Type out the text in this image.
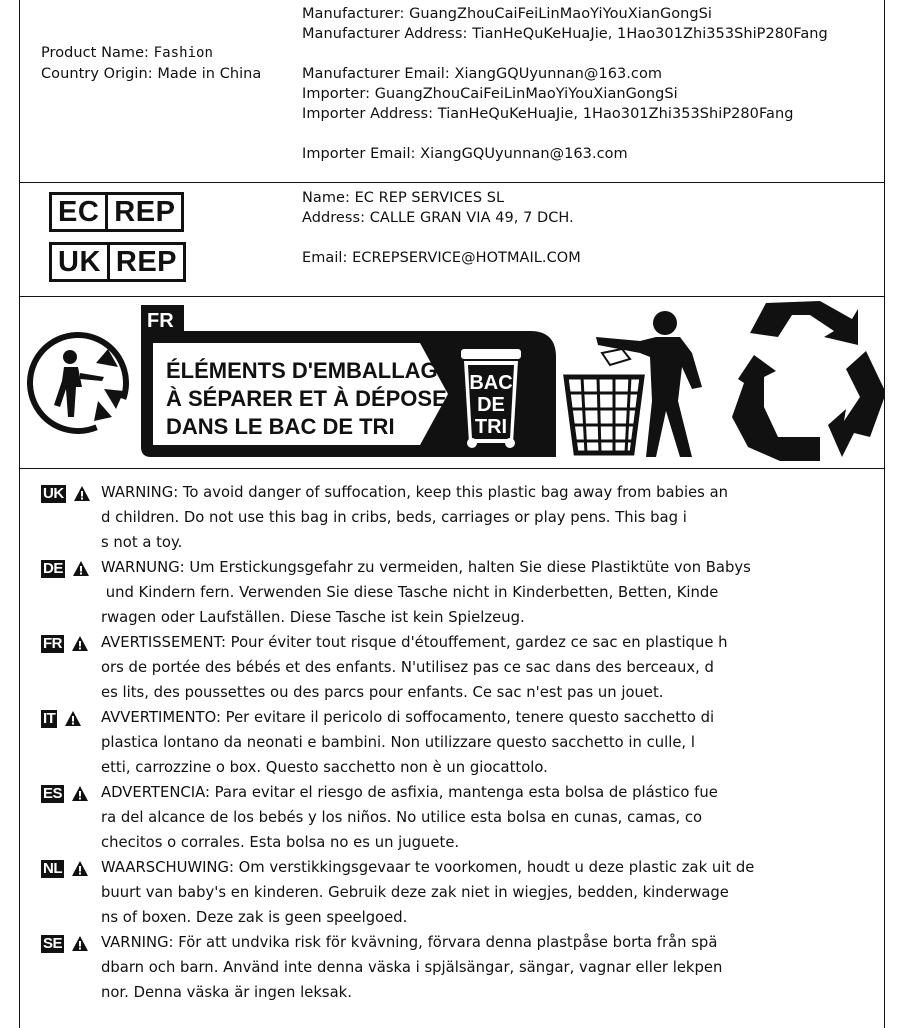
Product Name: Fashion
Country Origin: Made in China
Manufacturer: GuangZhouCaiFeiLinMaoYiYouXianGongSi
Manufacturer Address: TianHeQuKeHuaJie, 1Hao301Zhi353ShiP280Fang
Manufacturer Email: XiangGQUyunnan@163.com
Importer: GuangZhouCaiFeiLinMaoYiYouXianGongSi
Importer Address: TianHeQuKeHuaJie, 1Hao301Zhi353ShiP280Fang
Importer Email: XiangGQUyunnan@163.com
EC REP
UK REP
Name: EC REP SERVICES SL
Address: CALLE GRAN VIA 49, 7 DCH.
Email: ECREPSERVICE@HOTMAIL.COM
FR
ÉLÉMENTS D'EMBALLAGE
À SÉPARER ET À DÉPOSER
DANS LE BAC DE TRI
BAC
DE
TRI
UK	WARNING: To avoid danger of suffocation, keep this plastic bag away from babies an
d children. Do not use this bag in cribs, beds, carriages or play pens. This bag i
s not a toy.
DE	WARNUNG: Um Erstickungsgefahr zu vermeiden, halten Sie diese Plastiktüte von Babys
und Kindern fern. Verwenden Sie diese Tasche nicht in Kinderbetten, Betten, Kinde
rwagen oder Laufställen. Diese Tasche ist kein Spielzeug.
FR	AVERTISSEMENT: Pour éviter tout risque d'étouffement, gardez ce sac en plastique h
ors de portée des bébés et des enfants. N'utilisez pas ce sac dans des berceaux, d
es lits, des poussettes ou des parcs pour enfants. Ce sac n'est pas un jouet.
IT	AVVERTIMENTO: Per evitare il pericolo di soffocamento, tenere questo sacchetto di
plastica lontano da neonati e bambini. Non utilizzare questo sacchetto in culle, l
etti, carrozzine o box. Questo sacchetto non è un giocattolo.
ES	ADVERTENCIA: Para evitar el riesgo de asfixia, mantenga esta bolsa de plástico fue
ra del alcance de los bebés y los niños. No utilice esta bolsa en cunas, camas, co
checitos o corrales. Esta bolsa no es un juguete.
NL	WAARSCHUWING: Om verstikkingsgevaar te voorkomen, houdt u deze plastic zak uit de
buurt van baby's en kinderen. Gebruik deze zak niet in wiegjes, bedden, kinderwage
ns of boxen. Deze zak is geen speelgoed.
SE	VARNING: För att undvika risk för kvävning, förvara denna plastpåse borta från spä
dbarn och barn. Använd inte denna väska i spjälsängar, sängar, vagnar eller lekpen
nor. Denna väska är ingen leksak.
